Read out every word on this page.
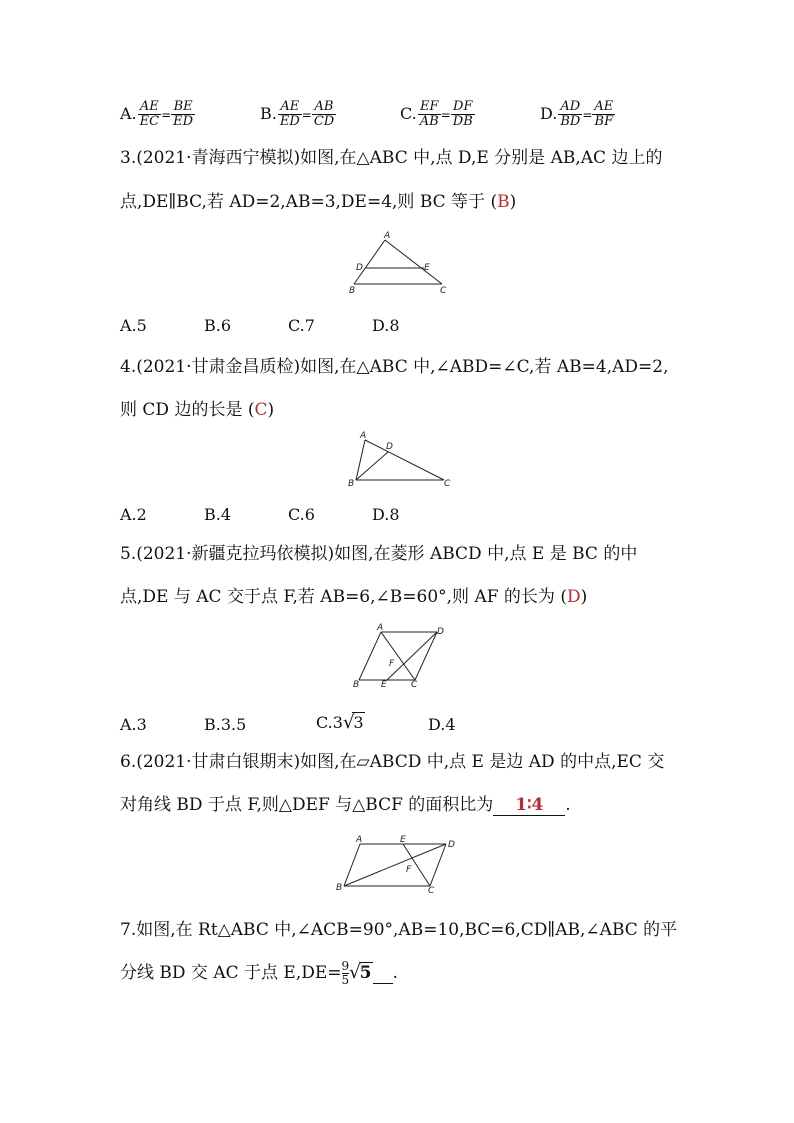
A. $\frac{AE}{EC} = \frac{BE}{ED}$	B. $\frac{AE}{ED} = \frac{AB}{CD}$	C. $\frac{EF}{AB} = \frac{DF}{DB}$	D. $\frac{AD}{BD} = \frac{AE}{BF}$
3.(2021·青海西宁模拟)如图,在△ABC 中,点 D,E 分别是 AB,AC 边上的
点,DE∥BC,若 AD=2,AB=3,DE=4,则 BC 等于 (B)
A
D	E
B	C
A.5	B.6	C.7	D.8
4.(2021·甘肃金昌质检)如图,在△ABC 中,∠ABD=∠C,若 AB=4,AD=2,
则 CD 边的长是 (C)
A
D
B	C
A.2	B.4	C.6	D.8
5.(2021·新疆克拉玛依模拟)如图,在菱形 ABCD 中,点 E 是 BC 的中
点,DE 与 AC 交于点 F,若 AB=6,∠B=60°,则 AF 的长为 (D)
A	D
F
B E	C
A.3	B.3.5	C.3√3	D.4
6.(2021·甘肃白银期末)如图,在▱ABCD 中,点 E 是边 AD 的中点,EC 交
对角线 BD 于点 F,则△DEF 与△BCF 的面积比为 1∶4 .
A	E	D
F
B	C
7.如图,在 Rt△ABC 中,∠ACB=90°,AB=10,BC=6,CD∥AB,∠ABC 的平
分线 BD 交 AC 于点 $E,DE= \frac{9}{5} √5$ .
